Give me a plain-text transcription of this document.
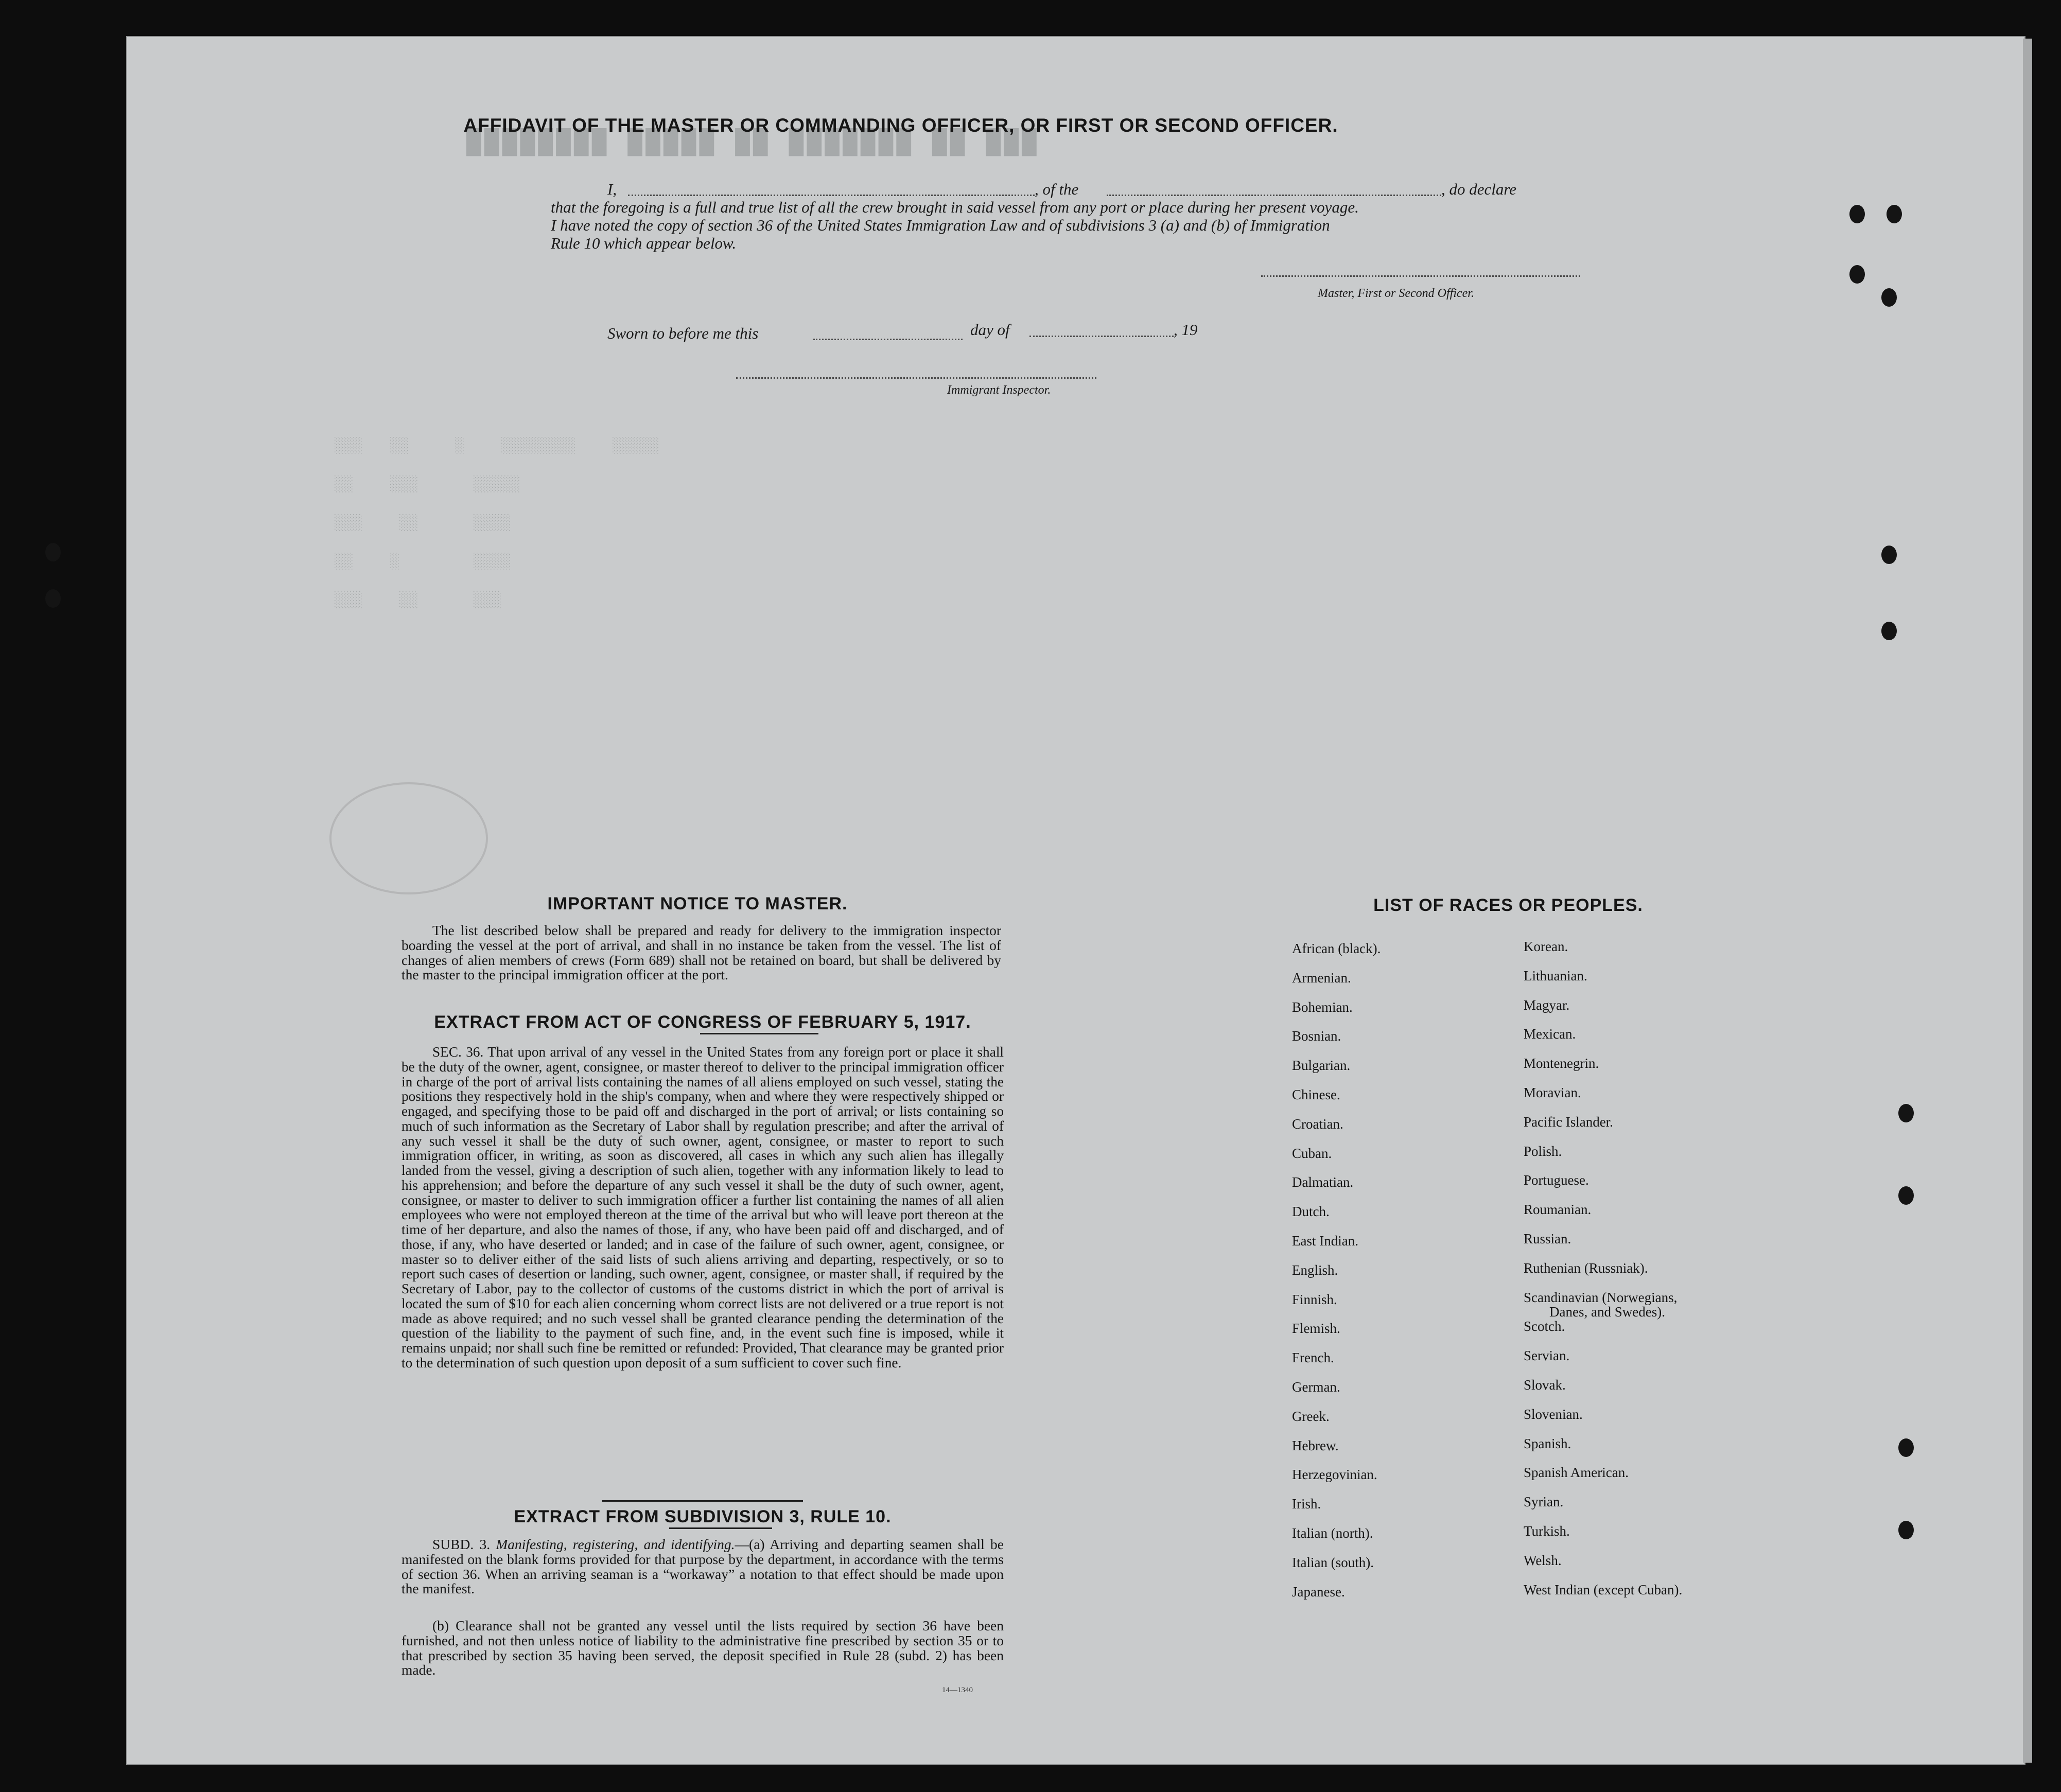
███ ██ ███████ ██ █████ ████████
░░░   ░░     ░    ░░░░░░░░    ░░░░░
░░    ░░░      ░░░░░
░░░    ░░      ░░░░
░░    ░        ░░░░
░░░    ░░      ░░░
AFFIDAVIT OF THE MASTER OR COMMANDING OFFICER, OR FIRST OR SECOND OFFICER.
I,	, of the	, do declare
that the foregoing is a full and true list of all the crew brought in said vessel from any port or place during her present voyage.
I have noted the copy of section 36 of the United States Immigration Law and of subdivisions 3 (a) and (b) of Immigration
Rule 10 which appear below.
Master, First or Second Officer.
Sworn to before me this	day of	, 19
Immigrant Inspector.
IMPORTANT NOTICE TO MASTER.
The list described below shall be prepared and ready for delivery to the immigration inspector boarding the vessel at the port of arrival, and shall in no instance be taken from the vessel. The list of changes of alien members of crews (Form 689) shall not be retained on board, but shall be delivered by the master to the principal immigration officer at the port.
EXTRACT FROM ACT OF CONGRESS OF FEBRUARY 5, 1917.
SEC. 36. That upon arrival of any vessel in the United States from any foreign port or place it shall be the duty of the owner, agent, consignee, or master thereof to deliver to the principal immigration officer in charge of the port of arrival lists containing the names of all aliens employed on such vessel, stating the positions they respectively hold in the ship's company, when and where they were respectively shipped or engaged, and specifying those to be paid off and discharged in the port of arrival; or lists containing so much of such information as the Secretary of Labor shall by regulation prescribe; and after the arrival of any such vessel it shall be the duty of such owner, agent, consignee, or master to report to such immigration officer, in writing, as soon as discovered, all cases in which any such alien has illegally landed from the vessel, giving a description of such alien, together with any information likely to lead to his apprehension; and before the departure of any such vessel it shall be the duty of such owner, agent, consignee, or master to deliver to such immigration officer a further list containing the names of all alien employees who were not employed thereon at the time of the arrival but who will leave port thereon at the time of her departure, and also the names of those, if any, who have been paid off and discharged, and of those, if any, who have deserted or landed; and in case of the failure of such owner, agent, consignee, or master so to deliver either of the said lists of such aliens arriving and departing, respectively, or so to report such cases of desertion or landing, such owner, agent, consignee, or master shall, if required by the Secretary of Labor, pay to the collector of customs of the customs district in which the port of arrival is located the sum of $10 for each alien concerning whom correct lists are not delivered or a true report is not made as above required; and no such vessel shall be granted clearance pending the determination of the question of the liability to the payment of such fine, and, in the event such fine is imposed, while it remains unpaid; nor shall such fine be remitted or refunded: Provided, That clearance may be granted prior to the determination of such question upon deposit of a sum sufficient to cover such fine.
EXTRACT FROM SUBDIVISION 3, RULE 10.
SUBD. 3. Manifesting, registering, and identifying.—(a) Arriving and departing seamen shall be manifested on the blank forms provided for that purpose by the department, in accordance with the terms of section 36. When an arriving seaman is a “workaway” a notation to that effect should be made upon the manifest.
(b) Clearance shall not be granted any vessel until the lists required by section 36 have been furnished, and not then unless notice of liability to the administrative fine prescribed by section 35 or to that prescribed by section 35 having been served, the deposit specified in Rule 28 (subd. 2) has been made.
14—1340
LIST OF RACES OR PEOPLES.
African (black).
Armenian.
Bohemian.
Bosnian.
Bulgarian.
Chinese.
Croatian.
Cuban.
Dalmatian.
Dutch.
East Indian.
English.
Finnish.
Flemish.
French.
German.
Greek.
Hebrew.
Herzegovinian.
Irish.
Italian (north).
Italian (south).
Japanese.
Korean.
Lithuanian.
Magyar.
Mexican.
Montenegrin.
Moravian.
Pacific Islander.
Polish.
Portuguese.
Roumanian.
Russian.
Ruthenian (Russniak).
Scandinavian (Norwegians,
Danes, and Swedes).
Scotch.
Servian.
Slovak.
Slovenian.
Spanish.
Spanish American.
Syrian.
Turkish.
Welsh.
West Indian (except Cuban).
